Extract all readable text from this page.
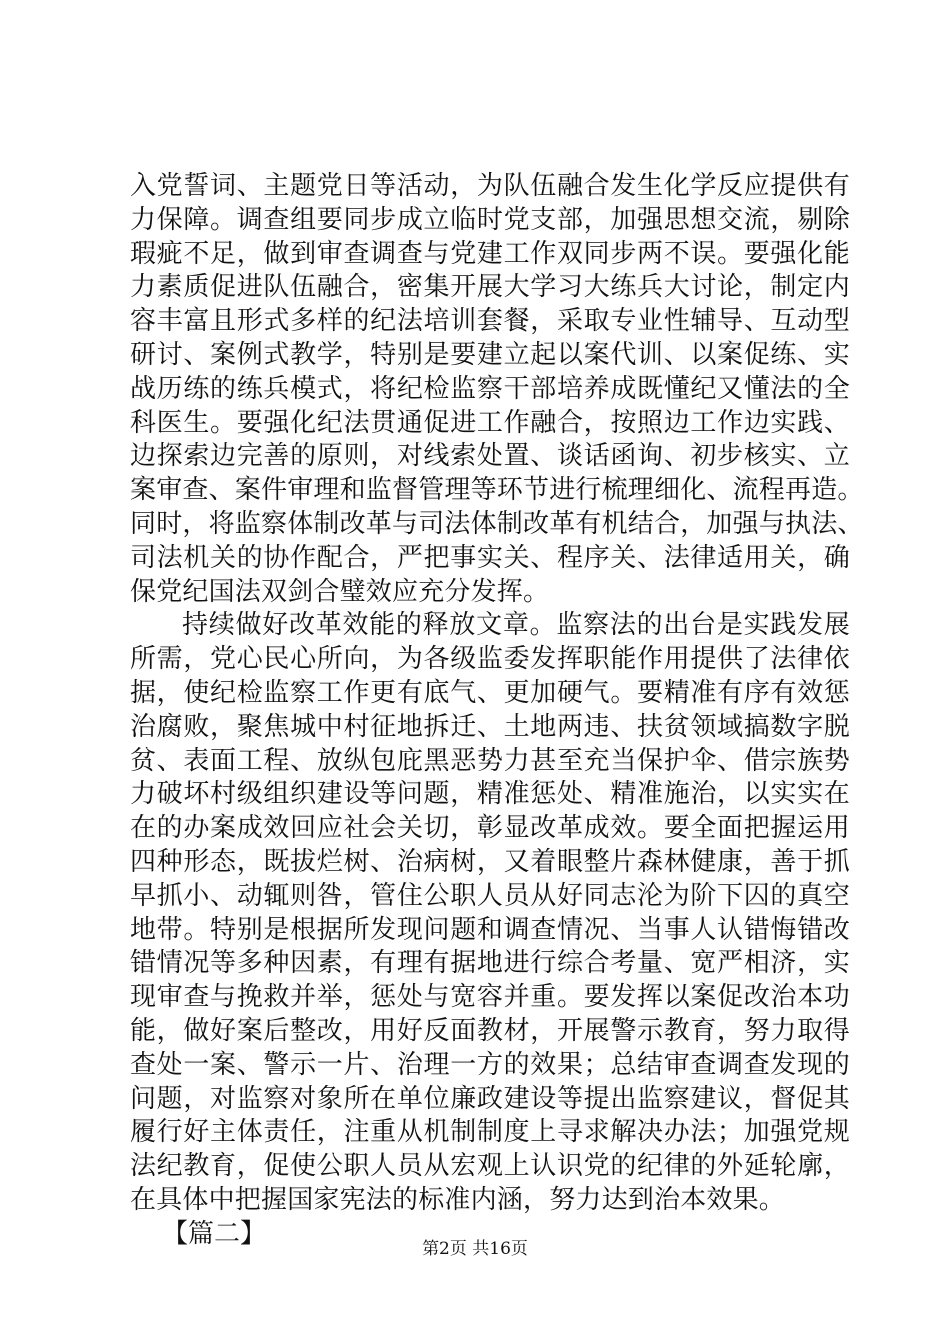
入党誓词、主题党日等活动，为队伍融合发生化学反应提供有
力保障。调查组要同步成立临时党支部，加强思想交流，剔除
瑕疵不足，做到审查调查与党建工作双同步两不误。要强化能
力素质促进队伍融合，密集开展大学习大练兵大讨论，制定内
容丰富且形式多样的纪法培训套餐，采取专业性辅导、互动型
研讨、案例式教学，特别是要建立起以案代训、以案促练、实
战历练的练兵模式，将纪检监察干部培养成既懂纪又懂法的全
科医生。要强化纪法贯通促进工作融合，按照边工作边实践、
边探索边完善的原则，对线索处置、谈话函询、初步核实、立
案审查、案件审理和监督管理等环节进行梳理细化、流程再造。
同时，将监察体制改革与司法体制改革有机结合，加强与执法、
司法机关的协作配合，严把事实关、程序关、法律适用关，确
保党纪国法双剑合璧效应充分发挥。
持续做好改革效能的释放文章。监察法的出台是实践发展
所需，党心民心所向，为各级监委发挥职能作用提供了法律依
据，使纪检监察工作更有底气、更加硬气。要精准有序有效惩
治腐败，聚焦城中村征地拆迁、土地两违、扶贫领域搞数字脱
贫、表面工程、放纵包庇黑恶势力甚至充当保护伞、借宗族势
力破坏村级组织建设等问题，精准惩处、精准施治，以实实在
在的办案成效回应社会关切，彰显改革成效。要全面把握运用
四种形态，既拔烂树、治病树，又着眼整片森林健康，善于抓
早抓小、动辄则咎，管住公职人员从好同志沦为阶下囚的真空
地带。特别是根据所发现问题和调查情况、当事人认错悔错改
错情况等多种因素，有理有据地进行综合考量、宽严相济，实
现审查与挽救并举，惩处与宽容并重。要发挥以案促改治本功
能，做好案后整改，用好反面教材，开展警示教育，努力取得
查处一案、警示一片、治理一方的效果；总结审查调查发现的
问题，对监察对象所在单位廉政建设等提出监察建议，督促其
履行好主体责任，注重从机制制度上寻求解决办法；加强党规
法纪教育，促使公职人员从宏观上认识党的纪律的外延轮廓，
在具体中把握国家宪法的标准内涵，努力达到治本效果。
【篇二】
第2页 共16页
